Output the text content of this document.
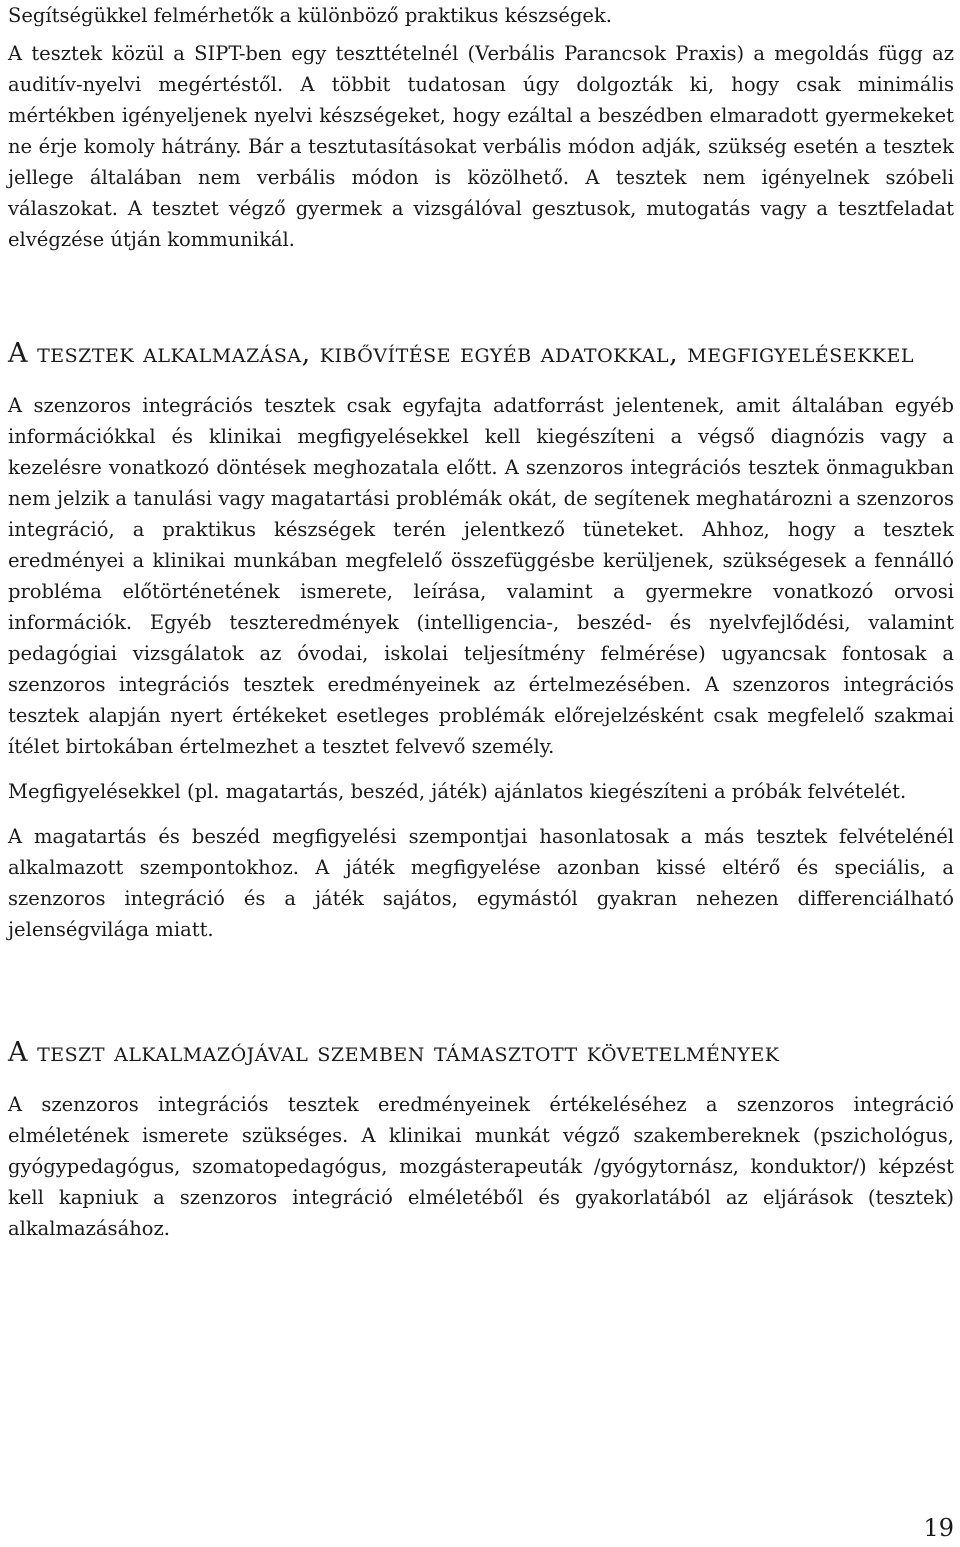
Segítségükkel felmérhetők a különböző praktikus készségek.

A tesztek közül a SIPT-ben egy teszttételnél (Verbális Parancsok Praxis) a megoldás függ az auditív-nyelvi megértéstől. A többit tudatosan úgy dolgozták ki, hogy csak minimális mértékben igényeljenek nyelvi készségeket, hogy ezáltal a beszédben elmaradott gyermekeket ne érje komoly hátrány. Bár a tesztutasításokat verbális módon adják, szükség esetén a tesztek jellege általában nem verbális módon is közölhető. A tesztek nem igényelnek szóbeli válaszokat. A tesztet végző gyermek a vizsgálóval gesztusok, mutogatás vagy a tesztfeladat elvégzése útján kommunikál.

A tesztek alkalmazása, kibővítése egyéb adatokkal, megfigyelésekkel

A szenzoros integrációs tesztek csak egyfajta adatforrást jelentenek, amit általában egyéb információkkal és klinikai megfigyelésekkel kell kiegészíteni a végső diagnózis vagy a kezelésre vonatkozó döntések meghozatala előtt. A szenzoros integrációs tesztek önmagukban nem jelzik a tanulási vagy magatartási problémák okát, de segítenek meghatározni a szenzoros integráció, a praktikus készségek terén jelentkező tüneteket. Ahhoz, hogy a tesztek eredményei a klinikai munkában megfelelő összefüggésbe kerüljenek, szükségesek a fennálló probléma előtörténetének ismerete, leírása, valamint a gyermekre vonatkozó orvosi információk. Egyéb teszteredmények (intelligencia-, beszéd- és nyelvfejlődési, valamint pedagógiai vizsgálatok az óvodai, iskolai teljesítmény felmérése) ugyancsak fontosak a szenzoros integrációs tesztek eredményeinek az értelmezésében. A szenzoros integrációs tesztek alapján nyert értékeket esetleges problémák előrejelzésként csak megfelelő szakmai ítélet birtokában értelmezhet a tesztet felvevő személy.

Megfigyelésekkel (pl. magatartás, beszéd, játék) ajánlatos kiegészíteni a próbák felvételét.

A magatartás és beszéd megfigyelési szempontjai hasonlatosak a más tesztek felvételénél alkalmazott szempontokhoz. A játék megfigyelése azonban kissé eltérő és speciális, a szenzoros integráció és a játék sajátos, egymástól gyakran nehezen differenciálható jelenségvilága miatt.

A teszt alkalmazójával szemben támasztott követelmények

A szenzoros integrációs tesztek eredményeinek értékeléséhez a szenzoros integráció elméletének ismerete szükséges. A klinikai munkát végző szakembereknek (pszichológus, gyógypedagógus, szomatopedagógus, mozgásterapeuták /gyógytornász, konduktor/) képzést kell kapniuk a szenzoros integráció elméletéből és gyakorlatából az eljárások (tesztek) alkalmazásához.

19
